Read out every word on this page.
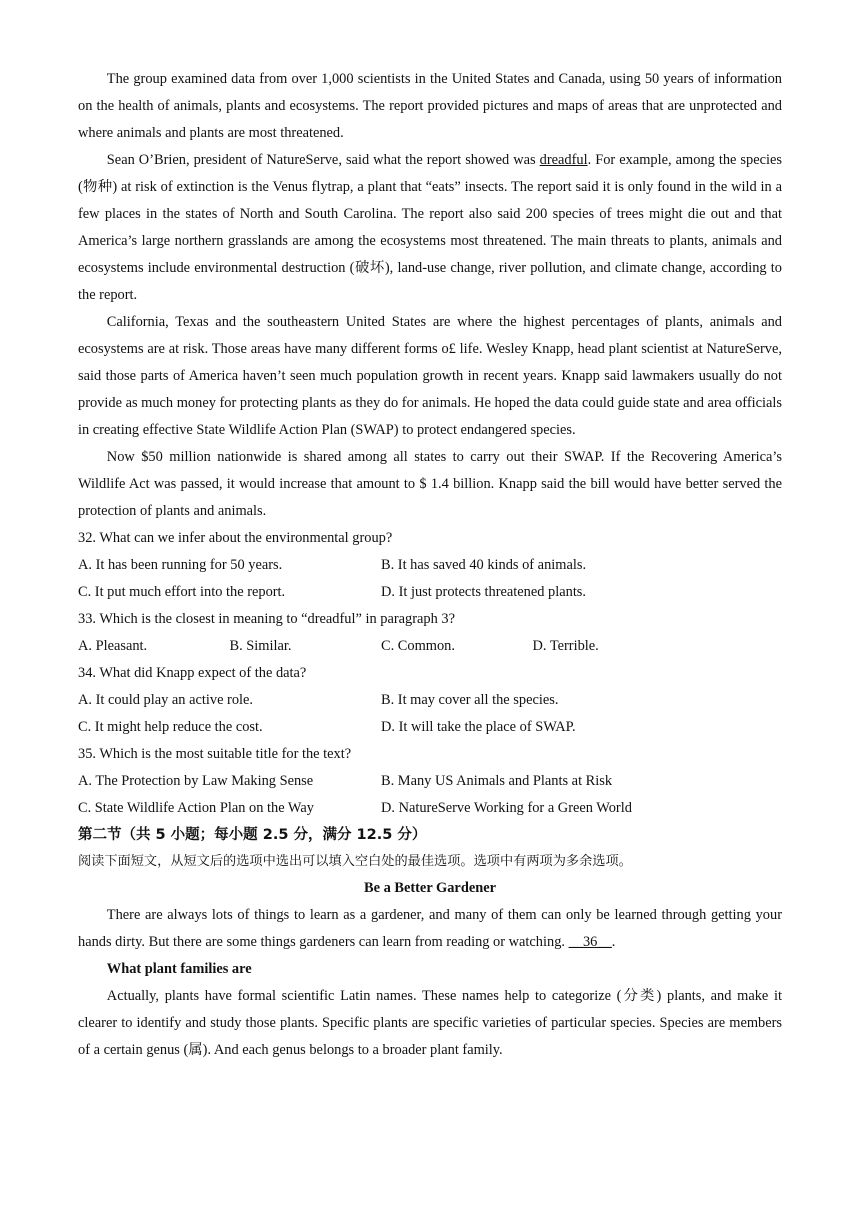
The group examined data from over 1,000 scientists in the United States and Canada, using 50 years of information on the health of animals, plants and ecosystems. The report provided pictures and maps of areas that are unprotected and where animals and plants are most threatened.

Sean O’Brien, president of NatureServe, said what the report showed was dreadful. For example, among the species (物种) at risk of extinction is the Venus flytrap, a plant that “eats” insects. The report said it is only found in the wild in a few places in the states of North and South Carolina. The report also said 200 species of trees might die out and that America’s large northern grasslands are among the ecosystems most threatened. The main threats to plants, animals and ecosystems include environmental destruction (破坏), land-use change, river pollution, and climate change, according to the report.

California, Texas and the southeastern United States are where the highest percentages of plants, animals and ecosystems are at risk. Those areas have many different forms o£ life. Wesley Knapp, head plant scientist at NatureServe, said those parts of America haven’t seen much population growth in recent years. Knapp said lawmakers usually do not provide as much money for protecting plants as they do for animals. He hoped the data could guide state and area officials in creating effective State Wildlife Action Plan (SWAP) to protect endangered species.

Now $50 million nationwide is shared among all states to carry out their SWAP. If the Recovering America’s Wildlife Act was passed, it would increase that amount to $ 1.4 billion. Knapp said the bill would have better served the protection of plants and animals.

32. What can we infer about the environmental group?

A. It has been running for 50 years.	B. It has saved 40 kinds of animals.
C. It put much effort into the report.	D. It just protects threatened plants.

33. Which is the closest in meaning to “dreadful” in paragraph 3?

A. Pleasant.	B. Similar.	C. Common.	D. Terrible.

34. What did Knapp expect of the data?

A. It could play an active role.	B. It may cover all the species.
C. It might help reduce the cost.	D. It will take the place of SWAP.

35. Which is the most suitable title for the text?

A. The Protection by Law Making Sense	B. Many US Animals and Plants at Risk
C. State Wildlife Action Plan on the Way	D. NatureServe Working for a Green World

第二节（共 5 小题；每小题 2.5 分，满分 12.5 分）

阅读下面短文，从短文后的选项中选出可以填入空白处的最佳选项。选项中有两项为多余选项。

Be a Better Gardener

There are always lots of things to learn as a gardener, and many of them can only be learned through getting your hands dirty. But there are some things gardeners can learn from reading or watching. __36__.

What plant families are

Actually, plants have formal scientific Latin names. These names help to categorize (分类) plants, and make it clearer to identify and study those plants. Specific plants are specific varieties of particular species. Species are members of a certain genus (属). And each genus belongs to a broader plant family.
